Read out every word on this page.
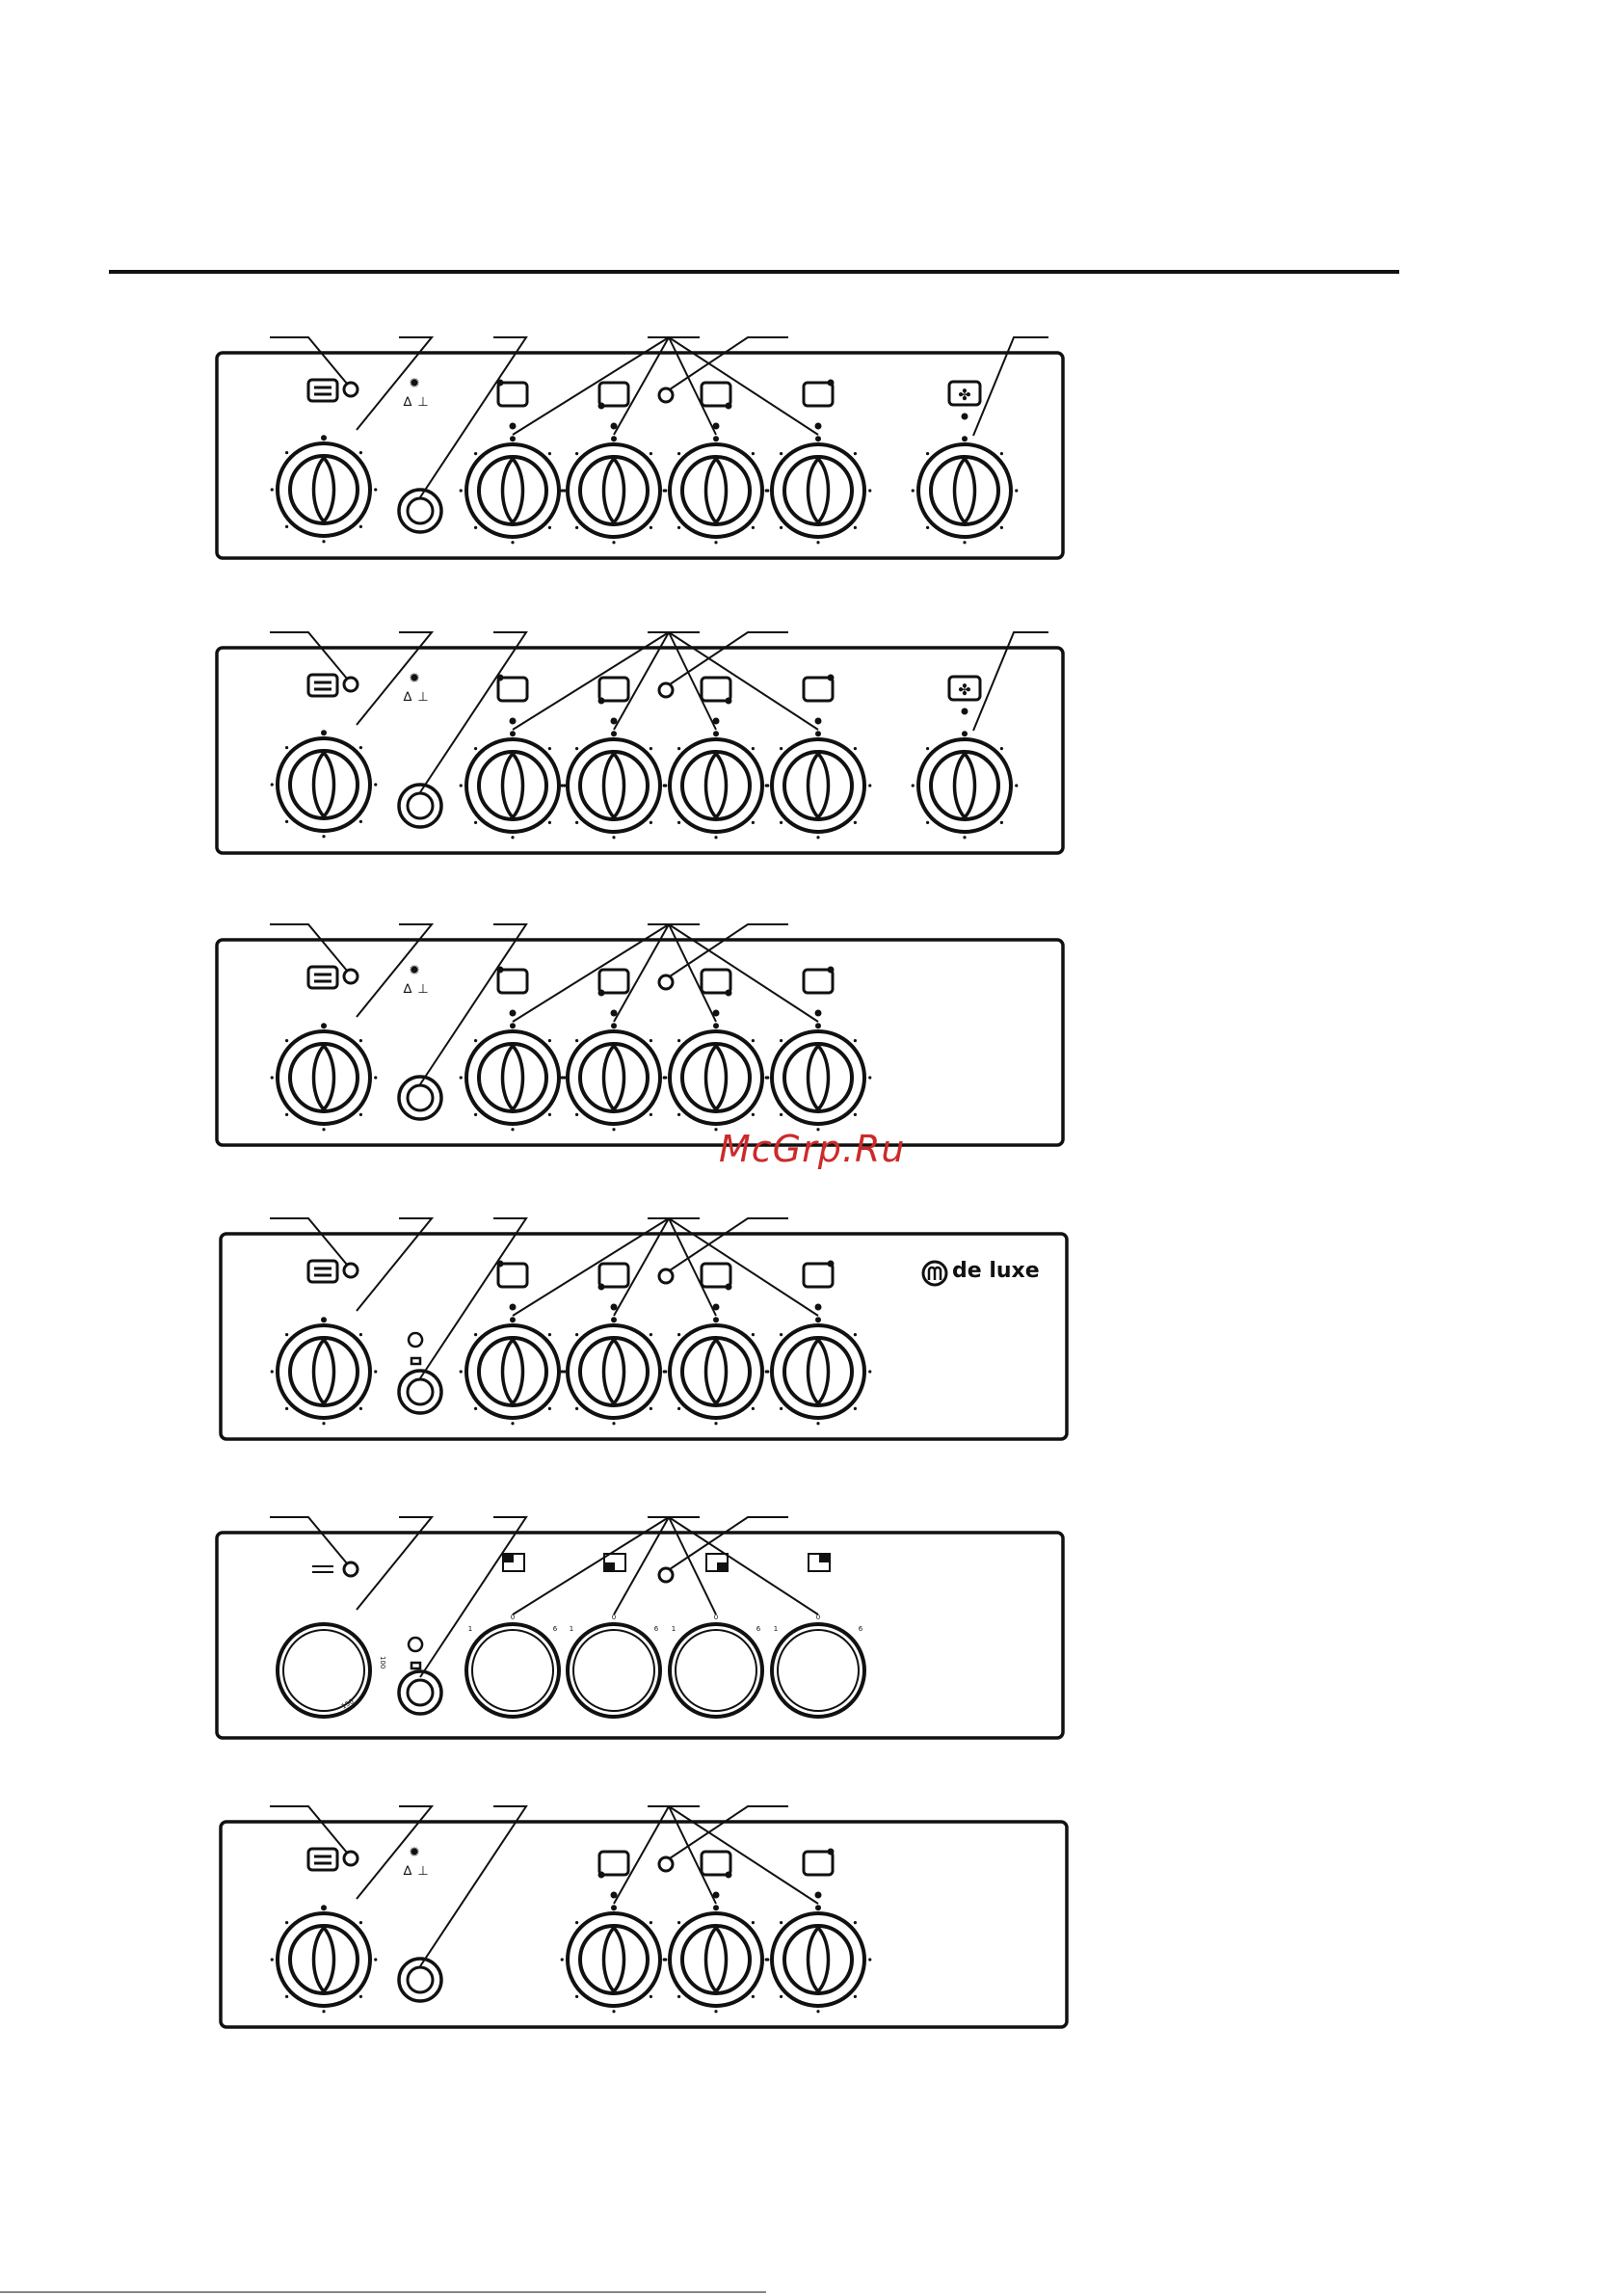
✹
∆ ⊥	✤
✹
∆ ⊥	✤
✹
∆ ⊥
0
6
1
0
6
1
0
6
1
0
6
1
100
150
✹
∆ ⊥
McGrp.Ru
de luxe
